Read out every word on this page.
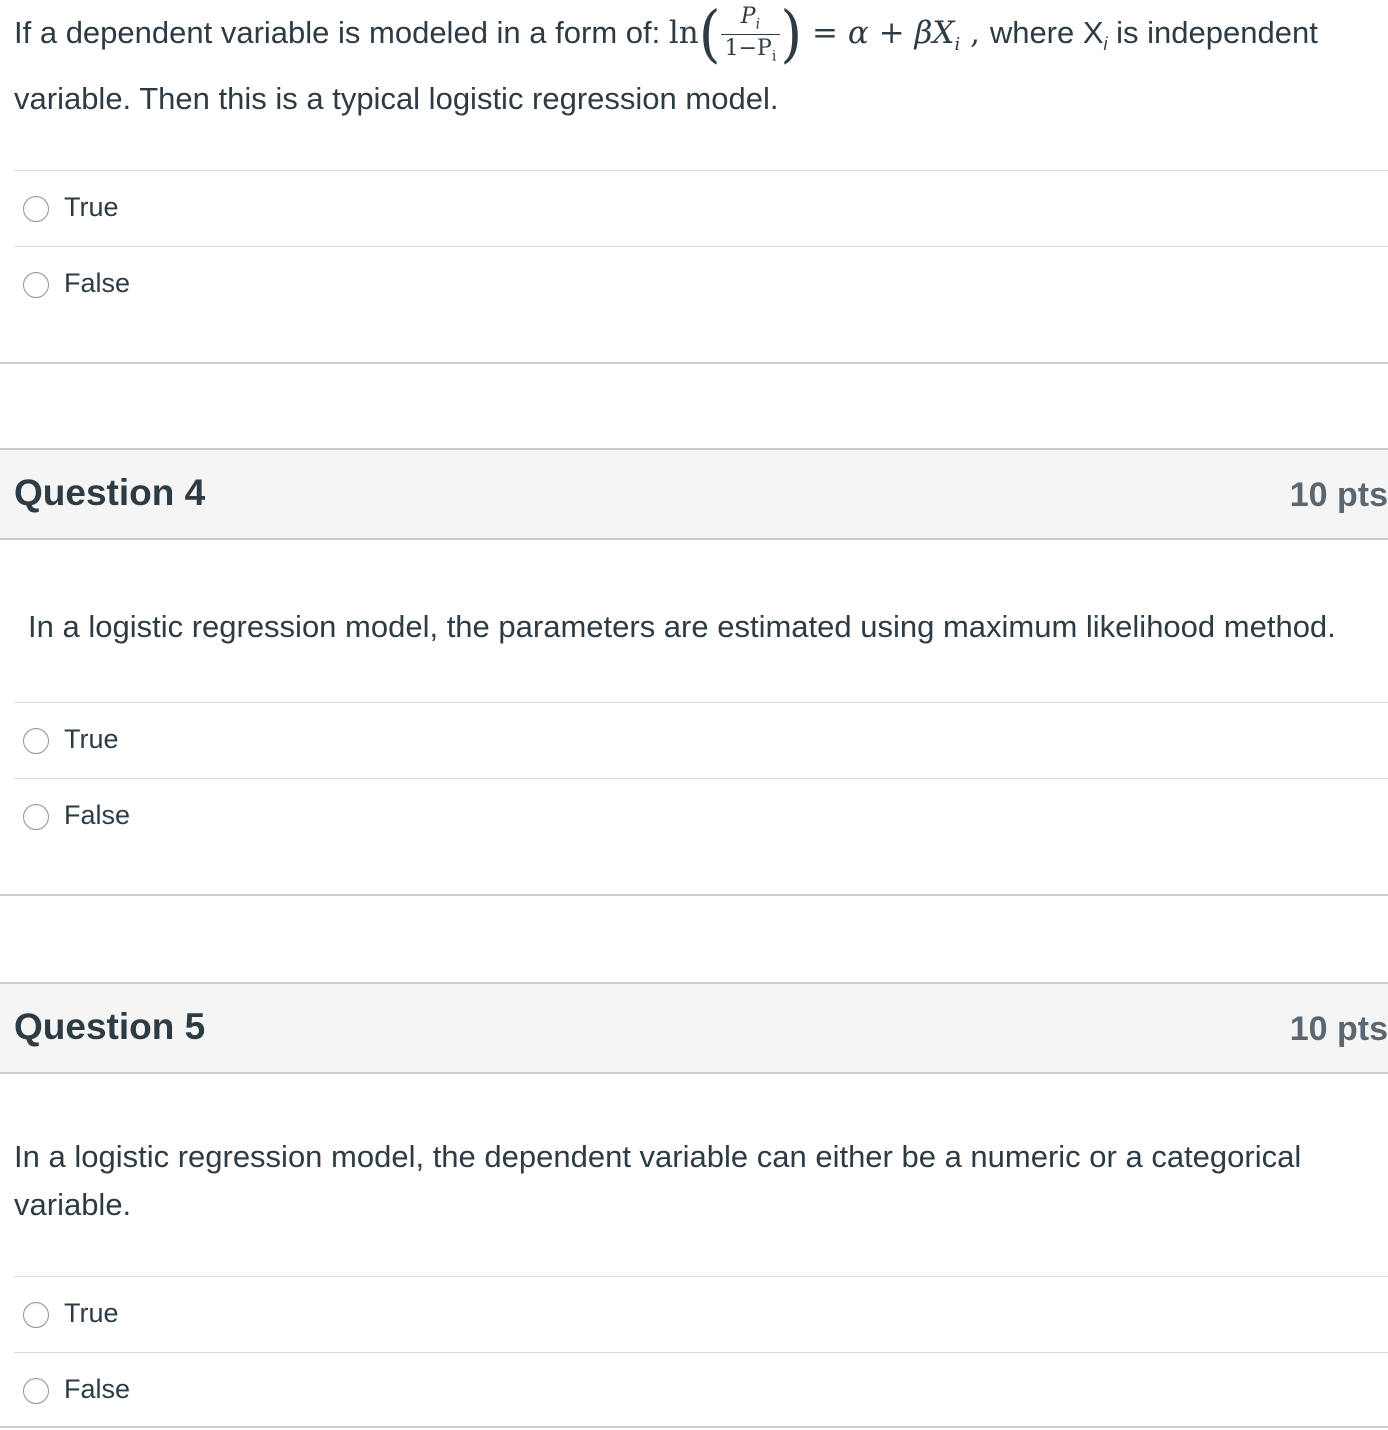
If a dependent variable is modeled in a form of: $\ln( \frac{P_i}{1-P_i}$ ) = $\alpha + \beta X_i$ , where $X_i$ is independent
variable. Then this is a typical logistic regression model.
True
False
Question 4	10 pts
In a logistic regression model, the parameters are estimated using maximum likelihood method.
True
False
Question 5	10 pts
In a logistic regression model, the dependent variable can either be a numeric or a categorical
variable.
True
False
